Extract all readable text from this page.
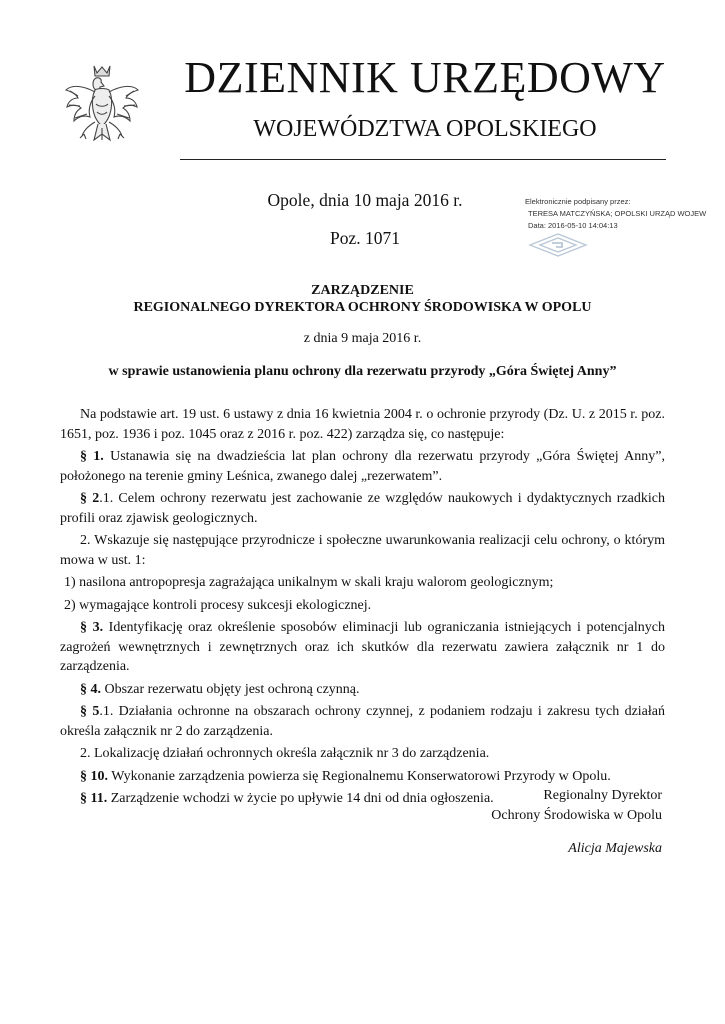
DZIENNIK URZĘDOWY
WOJEWÓDZTWA OPOLSKIEGO
Opole, dnia 10 maja 2016 r.
Poz. 1071
Elektronicznie podpisany przez:
TERESA MATCZYŃSKA; OPOLSKI URZĄD WOJEW
Data: 2016-05-10 14:04:13
ZARZĄDZENIE
REGIONALNEGO DYREKTORA OCHRONY ŚRODOWISKA W OPOLU
z dnia 9 maja 2016 r.
w sprawie ustanowienia planu ochrony dla rezerwatu przyrody „Góra Świętej Anny”

Na podstawie art. 19 ust. 6 ustawy z dnia 16 kwietnia 2004 r. o ochronie przyrody (Dz. U. z 2015 r. poz. 1651, poz. 1936 i poz. 1045 oraz z 2016 r. poz. 422) zarządza się, co następuje:

§ 1. Ustanawia się na dwadzieścia lat plan ochrony dla rezerwatu przyrody „Góra Świętej Anny”, położonego na terenie gminy Leśnica, zwanego dalej „rezerwatem”.

§ 2.1. Celem ochrony rezerwatu jest zachowanie ze względów naukowych i dydaktycznych rzadkich profili oraz zjawisk geologicznych.

2. Wskazuje się następujące przyrodnicze i społeczne uwarunkowania realizacji celu ochrony, o którym mowa w ust. 1:

1) nasilona antropopresja zagrażająca unikalnym w skali kraju walorom geologicznym;

2) wymagające kontroli procesy sukcesji ekologicznej.

§ 3. Identyfikację oraz określenie sposobów eliminacji lub ograniczania istniejących i potencjalnych zagrożeń wewnętrznych i zewnętrznych oraz ich skutków dla rezerwatu zawiera załącznik nr 1 do zarządzenia.

§ 4. Obszar rezerwatu objęty jest ochroną czynną.

§ 5.1. Działania ochronne na obszarach ochrony czynnej, z podaniem rodzaju i zakresu tych działań określa załącznik nr 2 do zarządzenia.

2. Lokalizację działań ochronnych określa załącznik nr 3 do zarządzenia.

§ 10. Wykonanie zarządzenia powierza się Regionalnemu Konserwatorowi Przyrody w Opolu.

§ 11. Zarządzenie wchodzi w życie po upływie 14 dni od dnia ogłoszenia.	Regionalny Dyrektor
Ochrony Środowiska w Opolu
Alicja Majewska
